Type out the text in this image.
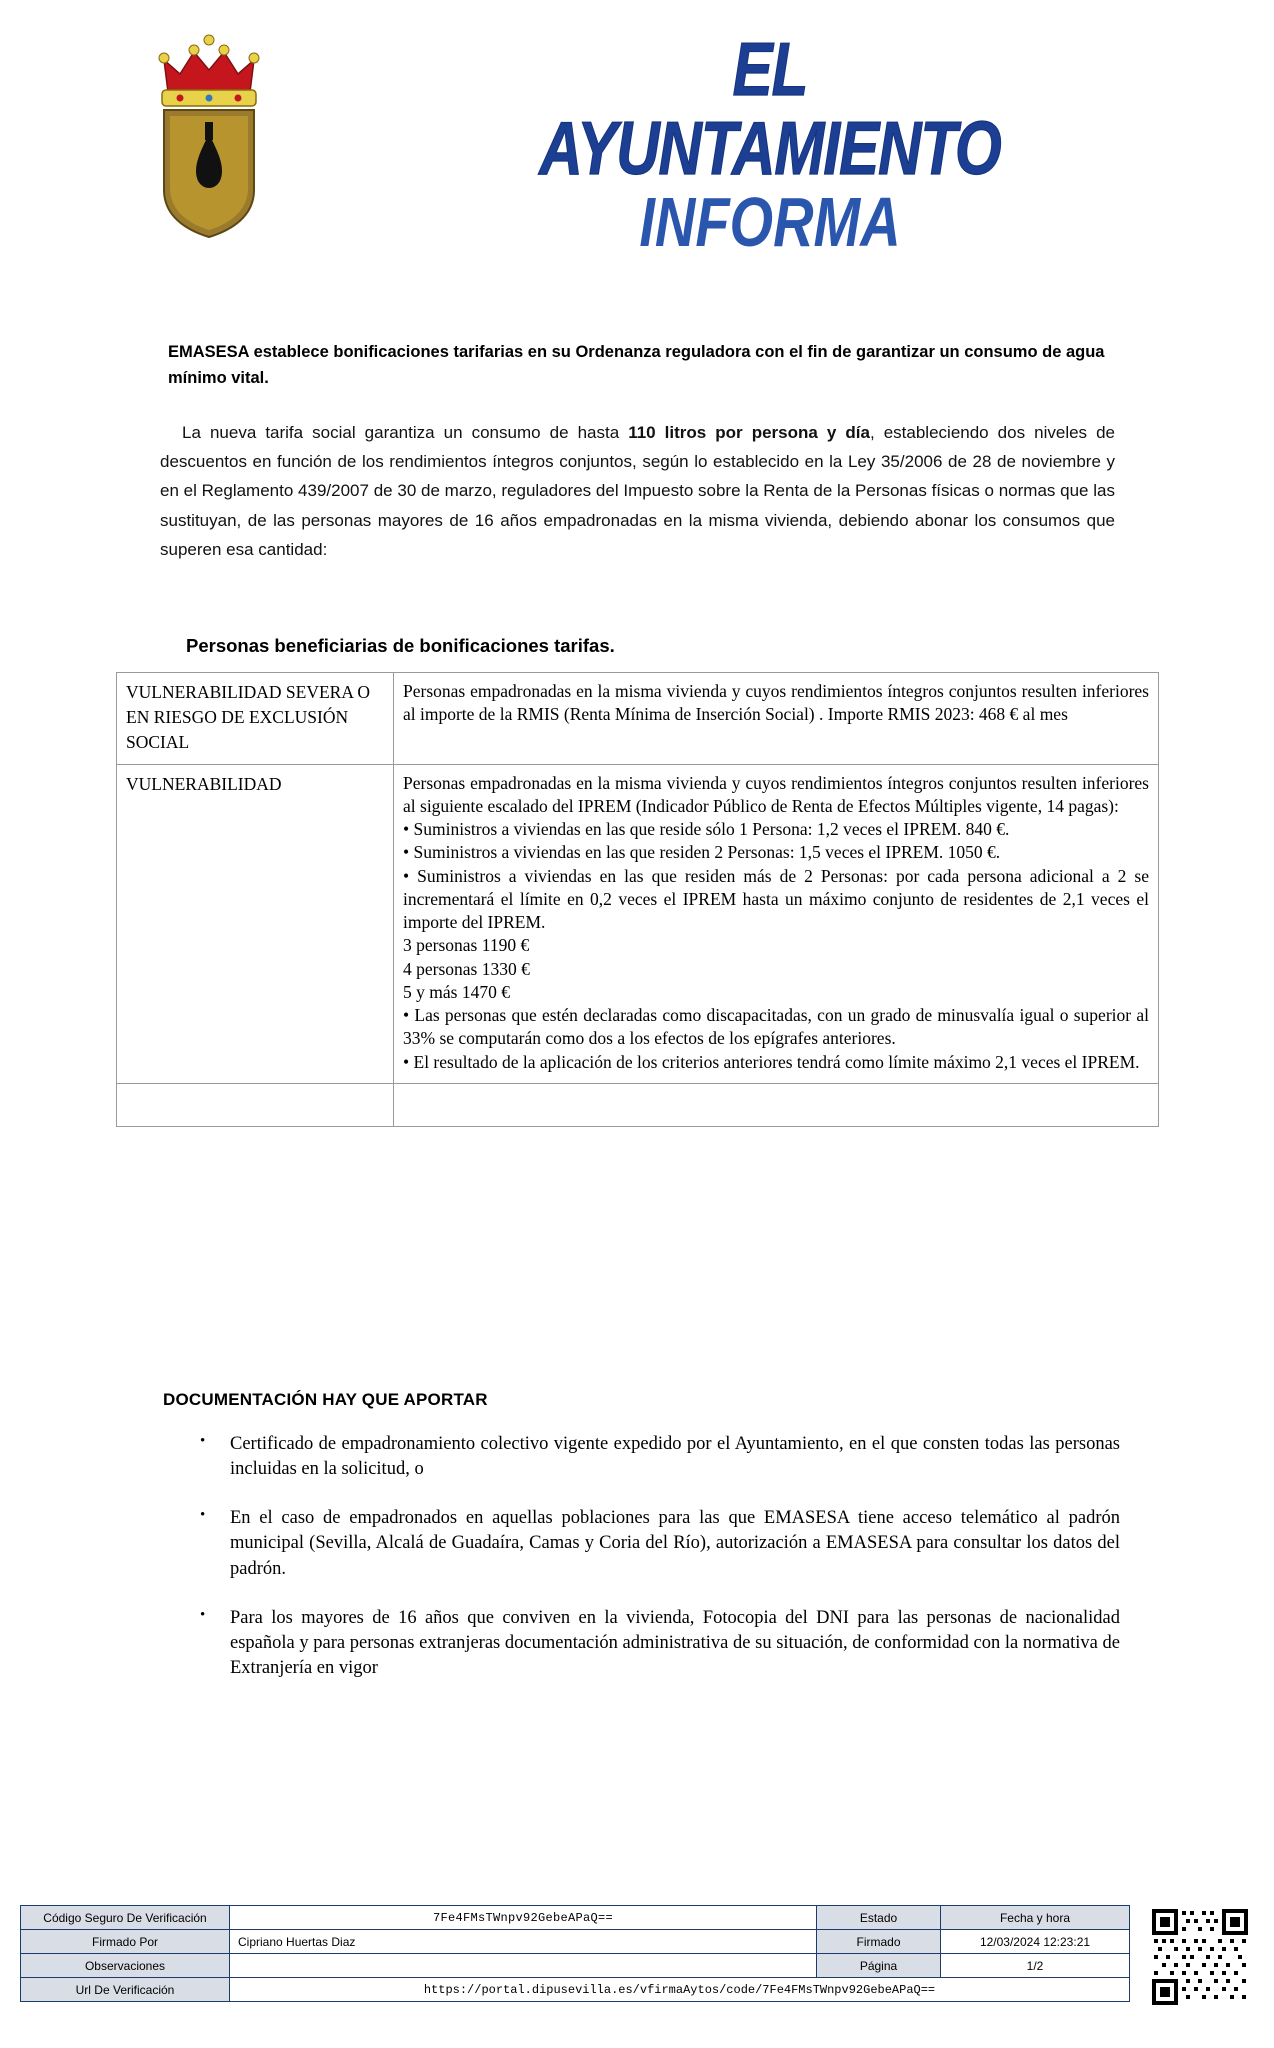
EL AYUNTAMIENTO
INFORMA
EMASESA establece bonificaciones tarifarias en su Ordenanza reguladora con el fin de garantizar un consumo de agua mínimo vital.
La nueva tarifa social garantiza un consumo de hasta 110 litros por persona y día, estableciendo dos niveles de descuentos en función de los rendimientos íntegros conjuntos, según lo establecido en la Ley 35/2006 de 28 de noviembre y en el Reglamento 439/2007 de 30 de marzo, reguladores del Impuesto sobre la Renta de la Personas físicas o normas que las sustituyan, de las personas mayores de 16 años empadronadas en la misma vivienda, debiendo abonar los consumos que superen esa cantidad:
Personas beneficiarias de bonificaciones tarifas.
VULNERABILIDAD SEVERA O EN RIESGO DE EXCLUSIÓN SOCIAL	Personas empadronadas en la misma vivienda y cuyos rendimientos íntegros conjuntos resulten inferiores al importe de la RMIS (Renta Mínima de Inserción Social) . Importe RMIS 2023: 468 € al mes
VULNERABILIDAD	Personas empadronadas en la misma vivienda y cuyos rendimientos íntegros conjuntos resulten inferiores al siguiente escalado del IPREM (Indicador Público de Renta de Efectos Múltiples vigente, 14 pagas):

• Suministros a viviendas en las que reside sólo 1 Persona: 1,2 veces el IPREM. 840 €.

• Suministros a viviendas en las que residen 2 Personas: 1,5 veces el IPREM. 1050 €.

• Suministros a viviendas en las que residen más de 2 Personas: por cada persona adicional a 2 se incrementará el límite en 0,2 veces el IPREM hasta un máximo conjunto de residentes de 2,1 veces el importe del IPREM.

3 personas 1190 €

4 personas 1330 €

5 y más 1470 €

• Las personas que estén declaradas como discapacitadas, con un grado de minusvalía igual o superior al 33% se computarán como dos a los efectos de los epígrafes anteriores.

• El resultado de la aplicación de los criterios anteriores tendrá como límite máximo 2,1 veces el IPREM.

DOCUMENTACIÓN HAY QUE APORTAR
• Certificado de empadronamiento colectivo vigente expedido por el Ayuntamiento, en el que consten todas las personas incluidas en la solicitud, o
• En el caso de empadronados en aquellas poblaciones para las que EMASESA tiene acceso telemático al padrón municipal (Sevilla, Alcalá de Guadaíra, Camas y Coria del Río), autorización a EMASESA para consultar los datos del padrón.
• Para los mayores de 16 años que conviven en la vivienda, Fotocopia del DNI para las personas de nacionalidad española y para personas extranjeras documentación administrativa de su situación, de conformidad con la normativa de Extranjería en vigor
Código Seguro De Verificación	7Fe4FMsTWnpv92GebeAPaQ==	Estado	Fecha y hora
Firmado Por	Cipriano Huertas Diaz	Firmado	12/03/2024 12:23:21
Observaciones		Página	1/2
Url De Verificación	https://portal.dipusevilla.es/vfirmaAytos/code/7Fe4FMsTWnpv92GebeAPaQ==		
